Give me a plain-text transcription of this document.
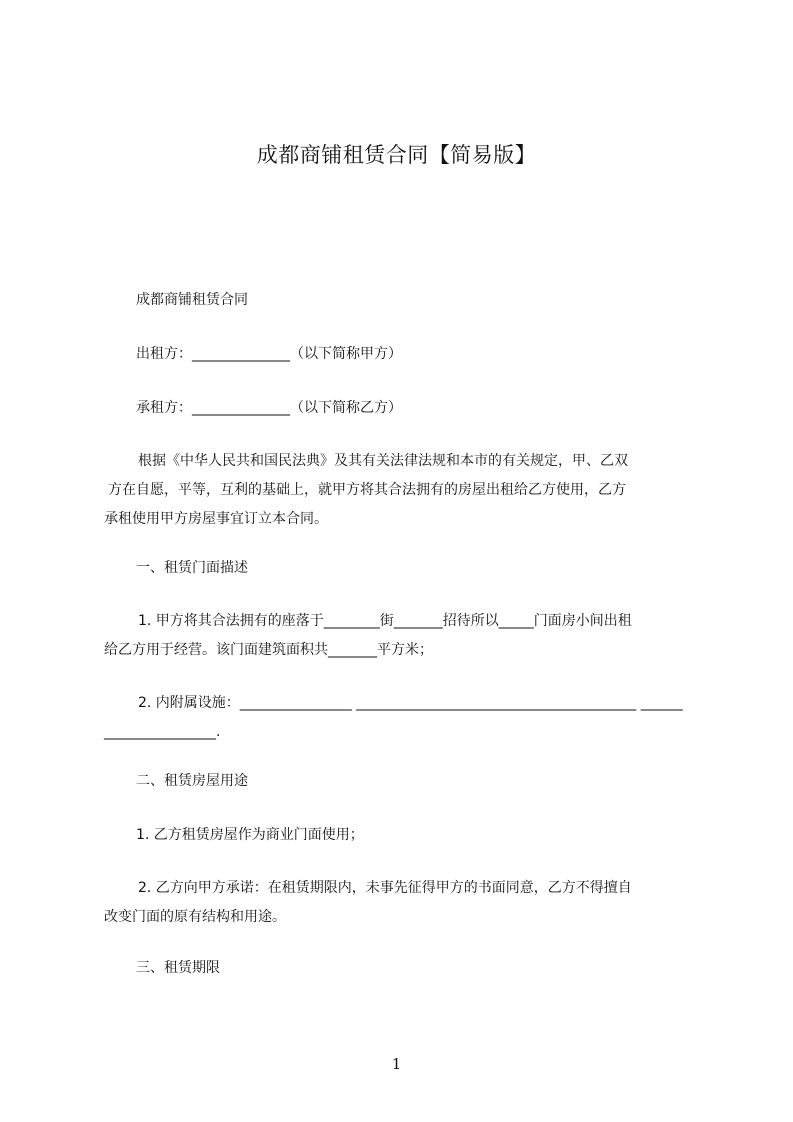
成都商铺租赁合同【简易版】
成都商铺租赁合同
出租方：______________（以下简称甲方）
承租方：______________（以下简称乙方）
根据《中华人民共和国民法典》及其有关法律法规和本市的有关规定，甲、乙双
方在自愿，平等，互利的基础上，就甲方将其合法拥有的房屋出租给乙方使用，乙方
承租使用甲方房屋事宜订立本合同。
一、租赁门面描述
1. 甲方将其合法拥有的座落于________街_______招待所以_____门面房小间出租
给乙方用于经营。该门面建筑面积共_______平方米；
2. 内附属设施：________________ ________________________________________ ______
________________.
二、租赁房屋用途
1. 乙方租赁房屋作为商业门面使用；
2. 乙方向甲方承诺：在租赁期限内，未事先征得甲方的书面同意，乙方不得擅自
改变门面的原有结构和用途。
三、租赁期限
1
